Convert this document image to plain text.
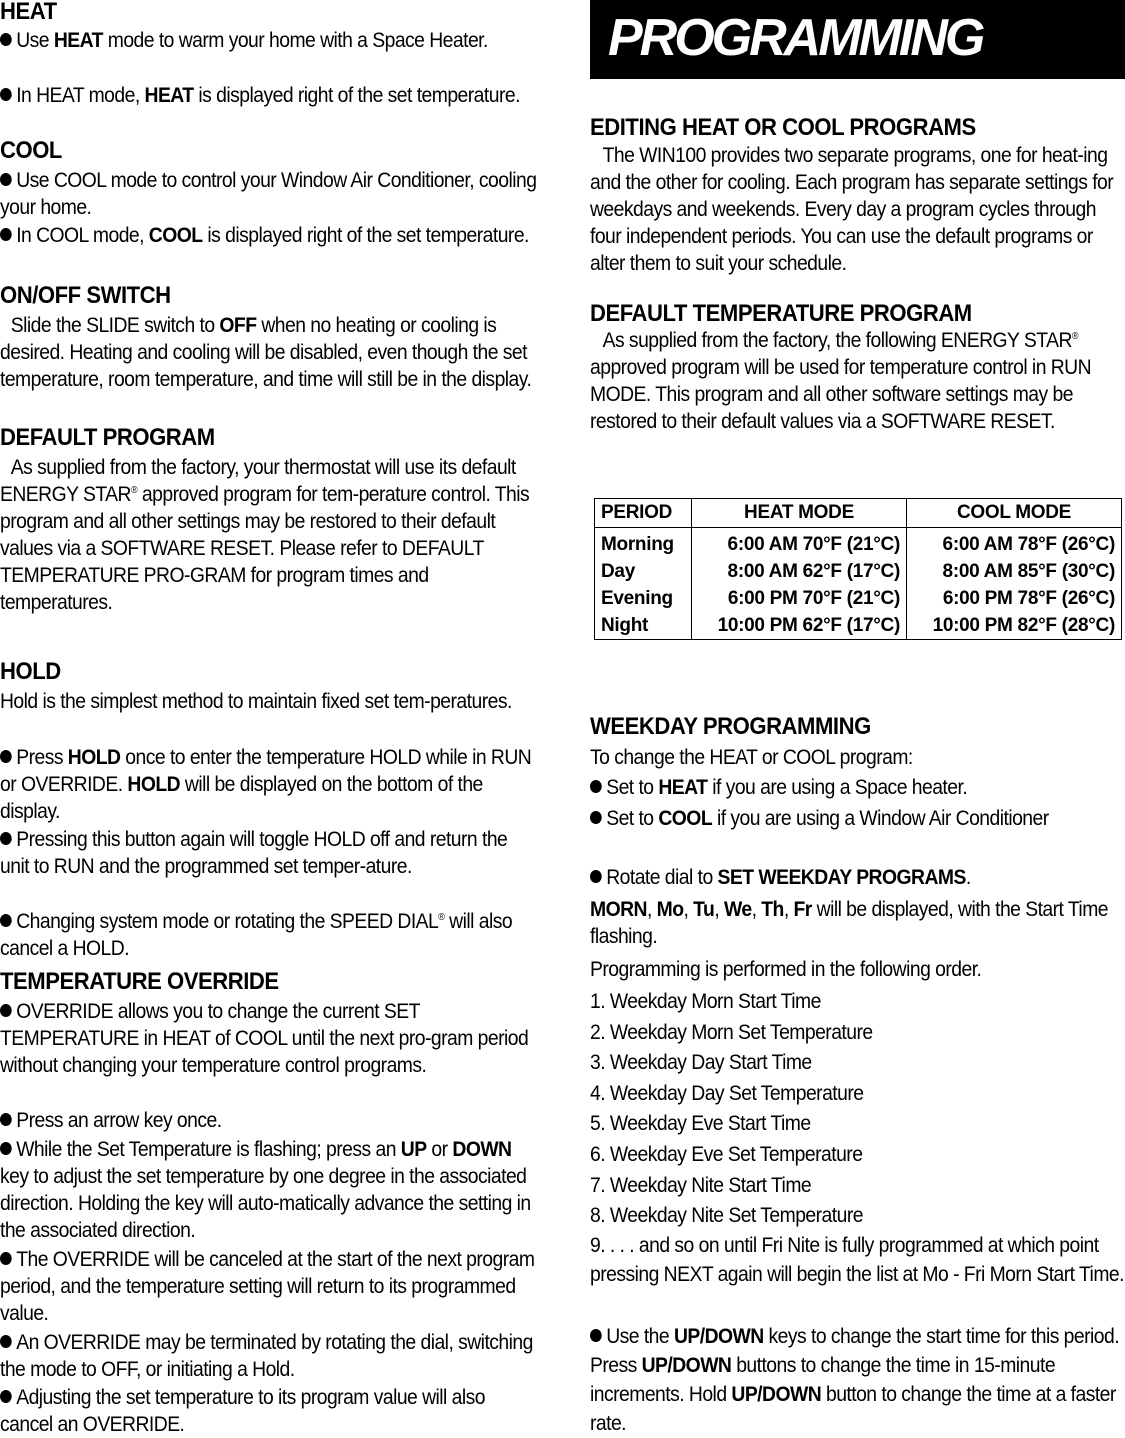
HEAT
Use HEAT mode to warm your home with a Space Heater.
In HEAT mode, HEAT is displayed right of the set temperature.
COOL
Use COOL mode to control your Window Air Conditioner, cooling your home.
In COOL mode, COOL is displayed right of the set temperature.
ON/OFF SWITCH
Slide the SLIDE switch to OFF when no heating or cooling is desired. Heating and cooling will be disabled, even though the set temperature, room temperature, and time will still be in the display.
DEFAULT PROGRAM
As supplied from the factory, your thermostat will use its default ENERGY STAR® approved program for tem-perature control. This program and all other settings may be restored to their default values via a SOFTWARE RESET. Please refer to DEFAULT TEMPERATURE PRO-GRAM for program times and temperatures.
HOLD
Hold is the simplest method to maintain fixed set tem-peratures.
Press HOLD once to enter the temperature HOLD while in RUN or OVERRIDE. HOLD will be displayed on the bottom of the display.
Pressing this button again will toggle HOLD off and return the unit to RUN and the programmed set temper-ature.
Changing system mode or rotating the SPEED DIAL® will also cancel a HOLD.
TEMPERATURE OVERRIDE
OVERRIDE allows you to change the current SET TEMPERATURE in HEAT of COOL until the next pro-gram period without changing your temperature control programs.
Press an arrow key once.
While the Set Temperature is flashing; press an UP or DOWN key to adjust the set temperature by one degree in the associated direction. Holding the key will auto-matically advance the setting in the associated direction.
The OVERRIDE will be canceled at the start of the next program period, and the temperature setting will return to its programmed value.
An OVERRIDE may be terminated by rotating the dial, switching the mode to OFF, or initiating a Hold.
Adjusting the set temperature to its program value will also cancel an OVERRIDE.
PROGRAMMING
EDITING HEAT OR COOL PROGRAMS
The WIN100 provides two separate programs, one for heat-ing and the other for cooling. Each program has separate settings for weekdays and weekends. Every day a program cycles through four independent periods. You can use the default programs or alter them to suit your schedule.
DEFAULT TEMPERATURE PROGRAM
As supplied from the factory, the following ENERGY STAR® approved program will be used for temperature control in RUN MODE. This program and all other software settings may be restored to their default values via a SOFTWARE RESET.
WEEKDAY PROGRAMMING
To change the HEAT or COOL program:
Set to HEAT if you are using a Space heater.
Set to COOL if you are using a Window Air Conditioner
Rotate dial to SET WEEKDAY PROGRAMS.
MORN, Mo, Tu, We, Th, Fr will be displayed, with the Start Time flashing.
Programming is performed in the following order.
1. Weekday Morn Start Time
2. Weekday Morn Set Temperature
3. Weekday Day Start Time
4. Weekday Day Set Temperature
5. Weekday Eve Start Time
6. Weekday Eve Set Temperature
7. Weekday Nite Start Time
8. Weekday Nite Set Temperature
9. . . . and so on until Fri Nite is fully programmed at which point pressing NEXT again will begin the list at Mo - Fri Morn Start Time.
Use the UP/DOWN keys to change the start time for this period. Press UP/DOWN buttons to change the time in 15-minute increments. Hold UP/DOWN button to change the time at a faster rate.
PERIOD	HEAT MODE	COOL MODE
Morning	6:00 AM 70°F (21°C)	6:00 AM 78°F (26°C)
Day	8:00 AM 62°F (17°C)	8:00 AM 85°F (30°C)
Evening	6:00 PM 70°F (21°C)	6:00 PM 78°F (26°C)
Night	10:00 PM 62°F (17°C)	10:00 PM 82°F (28°C)
